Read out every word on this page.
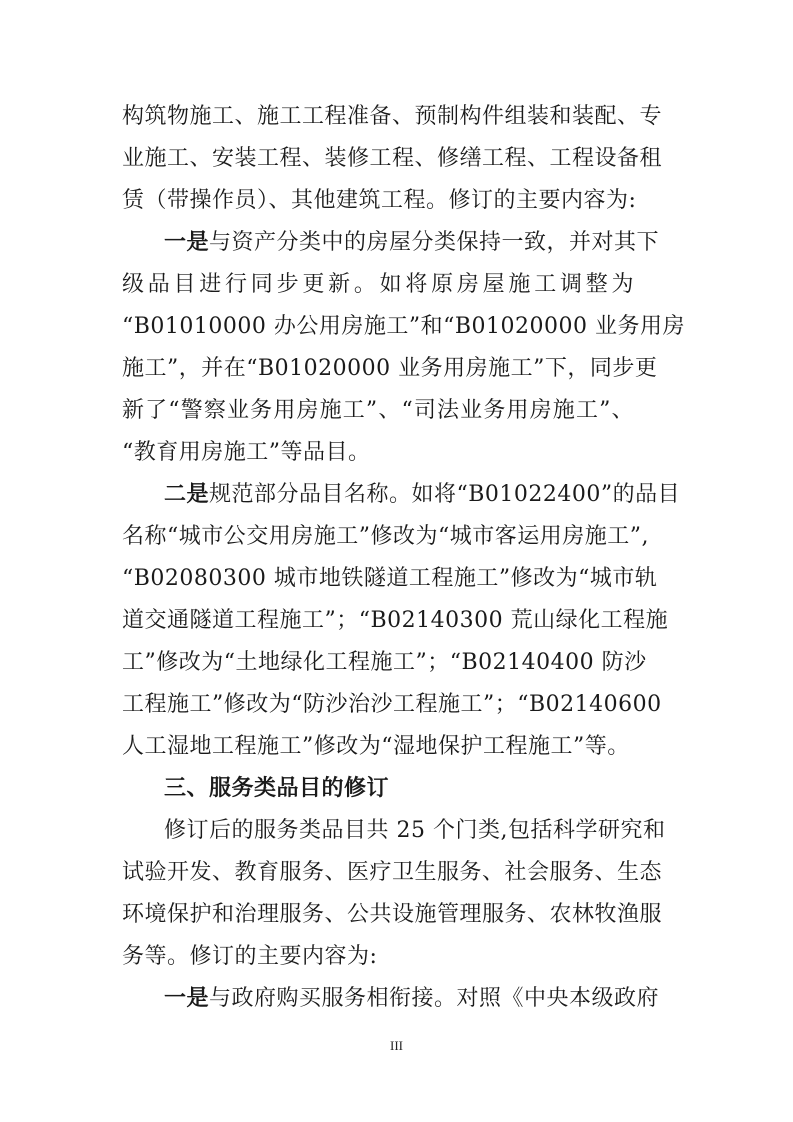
构筑物施工、施工工程准备、预制构件组装和装配、专
业施工、安装工程、装修工程、修缮工程、工程设备租
赁（带操作员）、其他建筑工程。修订的主要内容为:
一是与资产分类中的房屋分类保持一致，并对其下
级品目进行同步更新。如将原房屋施工调整为
“B01010000 办公用房施工”和“B01020000 业务用房
施工”，并在“B01020000 业务用房施工”下，同步更
新了“警察业务用房施工”、“司法业务用房施工”、
“教育用房施工”等品目。
二是规范部分品目名称。如将“B01022400”的品目
名称“城市公交用房施工”修改为“城市客运用房施工”,
“B02080300 城市地铁隧道工程施工”修改为“城市轨
道交通隧道工程施工”；“B02140300 荒山绿化工程施
工”修改为“土地绿化工程施工”；“B02140400 防沙
工程施工”修改为“防沙治沙工程施工”；“B02140600
人工湿地工程施工”修改为“湿地保护工程施工”等。
三、服务类品目的修订
修订后的服务类品目共 25 个门类,包括科学研究和
试验开发、教育服务、医疗卫生服务、社会服务、生态
环境保护和治理服务、公共设施管理服务、农林牧渔服
务等。修订的主要内容为:
一是与政府购买服务相衔接。对照《中央本级政府
III
